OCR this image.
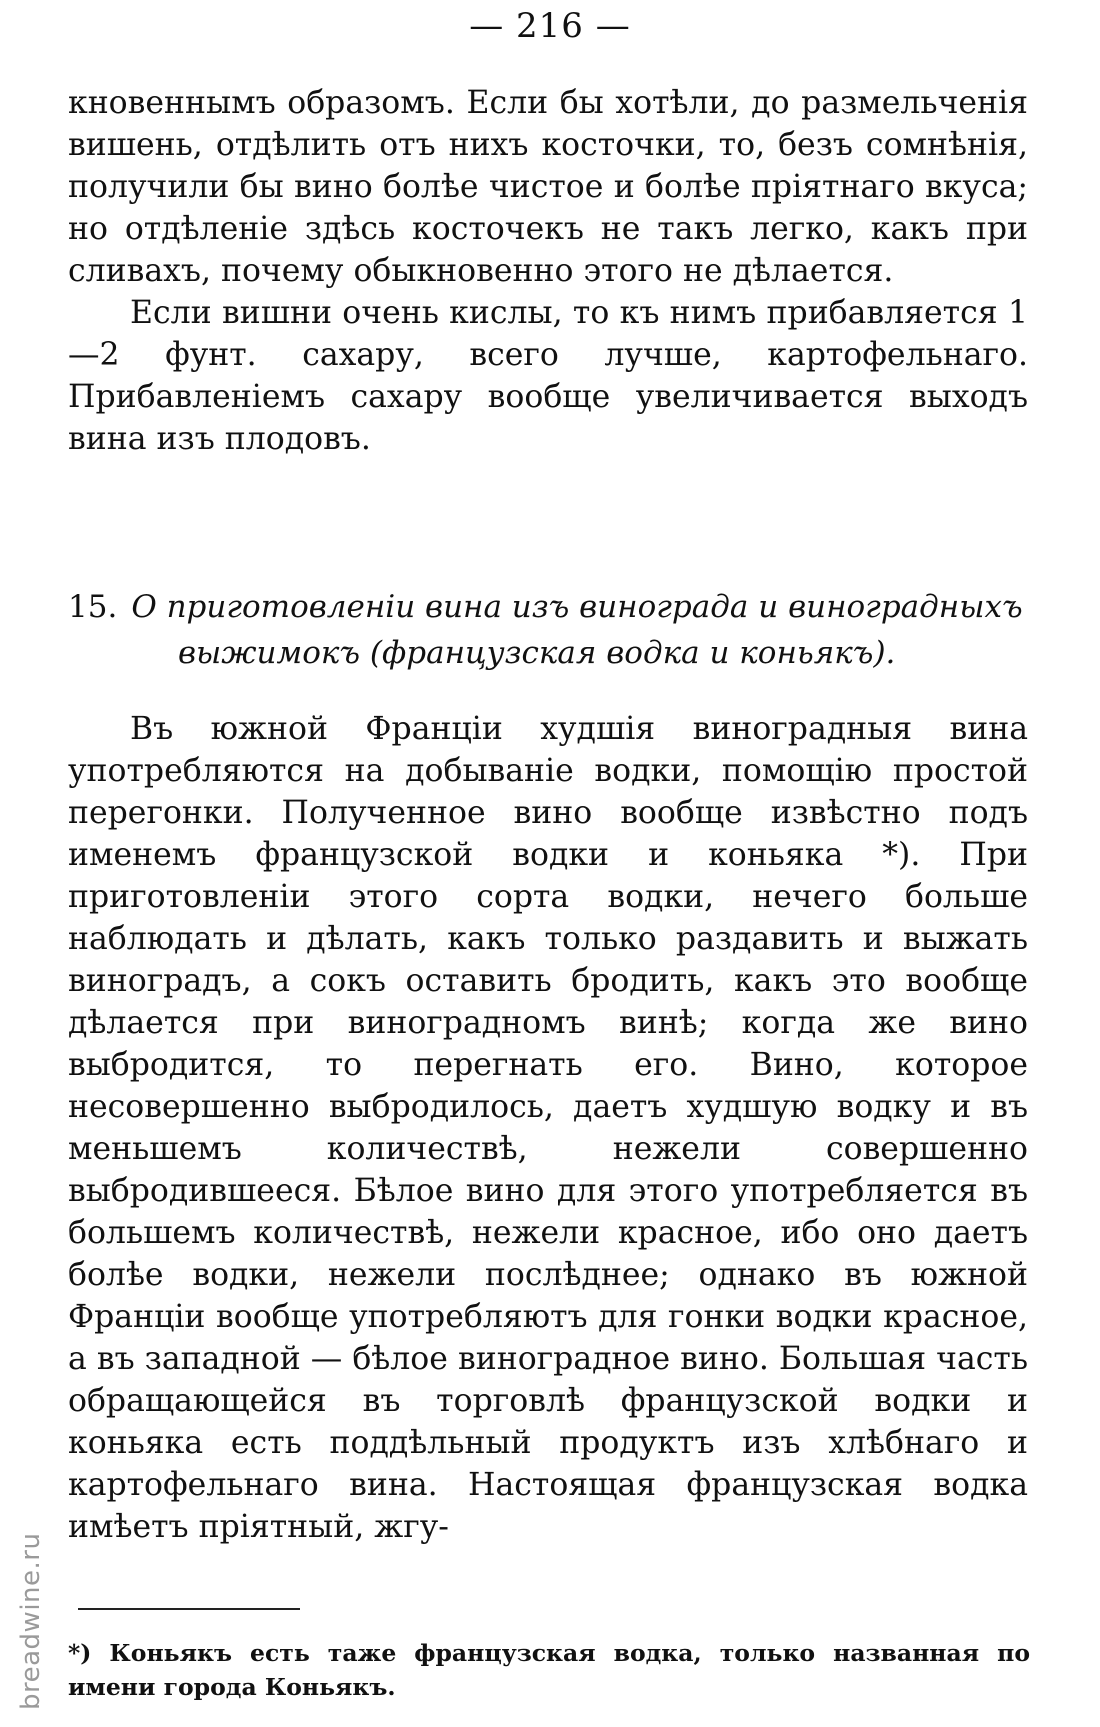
— 216 —

кновеннымъ образомъ. Если бы хотѣли, до размельченія вишень, отдѣлить отъ нихъ косточки, то, безъ сомнѣнія, получили бы вино болѣе чистое и болѣе пріятнаго вкуса; но отдѣленіе здѣсь косточекъ не такъ легко, какъ при сливахъ, почему обыкновенно этого не дѣлается.

Если вишни очень кислы, то къ нимъ прибавляется 1—2 фунт. сахару, всего лучше, картофельнаго. Прибавленіемъ сахару вообще увеличивается выходъ вина изъ плодовъ.

15. О приготовленіи вина изъ винограда и виноградныхъ
выжимокъ (французская водка и коньякъ).

Въ южной Франціи худшія виноградныя вина употребляются на добываніе водки, помощію простой перегонки. Полученное вино вообще извѣстно подъ именемъ французской водки и коньяка *). При приготовленіи этого сорта водки, нечего больше наблюдать и дѣлать, какъ только раздавить и выжать виноградъ, а сокъ оставить бродить, какъ это вообще дѣлается при виноградномъ винѣ; когда же вино выбродится, то перегнать его. Вино, которое несовершенно выбродилось, даетъ худшую водку и въ меньшемъ количествѣ, нежели совершенно выбродившееся. Бѣлое вино для этого употребляется въ большемъ количествѣ, нежели красное, ибо оно даетъ болѣе водки, нежели послѣднее; однако въ южной Франціи вообще употребляютъ для гонки водки красное, а въ западной — бѣлое виноградное вино. Большая часть обращающейся въ торговлѣ французской водки и коньяка есть поддѣльный продуктъ изъ хлѣбнаго и картофельнаго вина. Настоящая французская водка имѣетъ пріятный, жгу-

*) Коньякъ есть таже французская водка, только названная по имени города Коньякъ.

breadwine.ru
